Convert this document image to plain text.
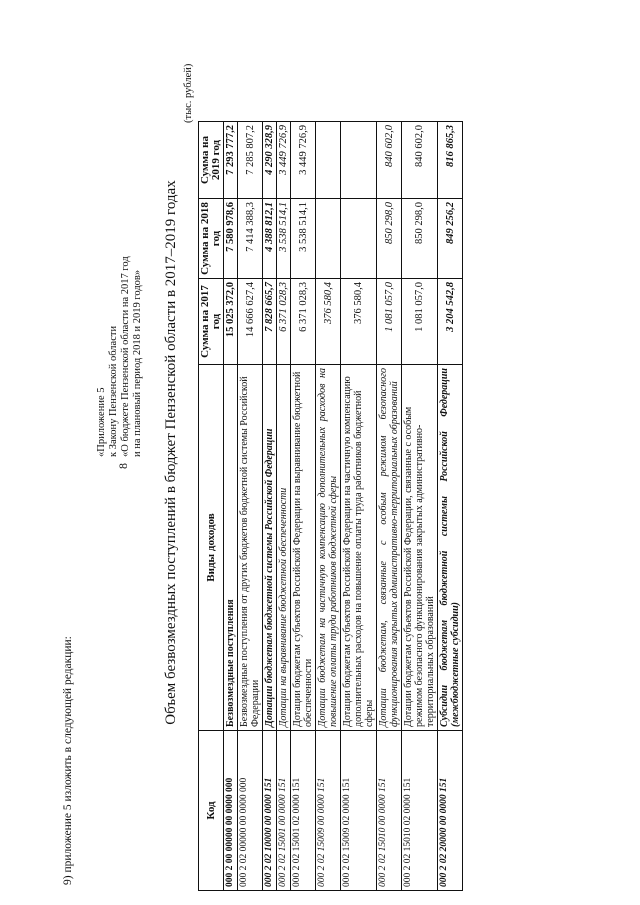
8
9) приложение 5 изложить в следующей редакции:
«Приложение 5 к Закону Пензенской области «О бюджете Пензенской области на 2017 год и на плановый период 2018 и 2019 годов» Объем безвозмездных поступлений в бюджет Пензенской области в 2017–2019 годах
(тыс. рублей)
Код	Виды доходов	Сумма на 2017 год	Сумма на 2018 год	Сумма на 2019 год
000 2 00 00000 00 0000 000	Безвозмездные поступления	15 025 372,0	7 580 978,6	7 293 777,2
000 2 02 00000 00 0000 000	Безвозмездные поступления от других бюджетов бюджетной системы Российской Федерации	14 666 627,4	7 414 388,3	7 285 807,2
000 2 02 10000 00 0000 151	Дотации бюджетам бюджетной системы Российской Федерации	7 828 665,7	4 388 812,1	4 290 328,9
000 2 02 15001 00 0000 151	Дотации на выравнивание бюджетной обеспеченности	6 371 028,3	3 538 514,1	3 449 726,9
000 2 02 15001 02 0000 151	Дотации бюджетам субъектов Российской Федерации на выравнивание бюджетной обеспеченности	6 371 028,3	3 538 514,1	3 449 726,9
000 2 02 15009 00 0000 151	Дотации бюджетам на частичную компенсацию дополнительных расходов на повышение оплаты труда работников бюджетной сферы	376 580,4		
000 2 02 15009 02 0000 151	Дотации бюджетам субъектов Российской Федерации на частичную компенсацию дополнительных расходов на повышение оплаты труда работников бюджетной сферы	376 580,4		
000 2 02 15010 00 0000 151	Дотации бюджетам, связанные с особым режимом безопасного функционирования закрытых административно-территориальных образований	1 081 057,0	850 298,0	840 602,0
000 2 02 15010 02 0000 151	Дотации бюджетам субъектов Российской Федерации, связанные с особым режимом безопасного функционирования закрытых административно-территориальных образований	1 081 057,0	850 298,0	840 602,0
000 2 02 20000 00 0000 151	Субсидии бюджетам бюджетной системы Российской Федерации (межбюджетные субсидии)	3 204 542,8	849 256,2	816 865,3
